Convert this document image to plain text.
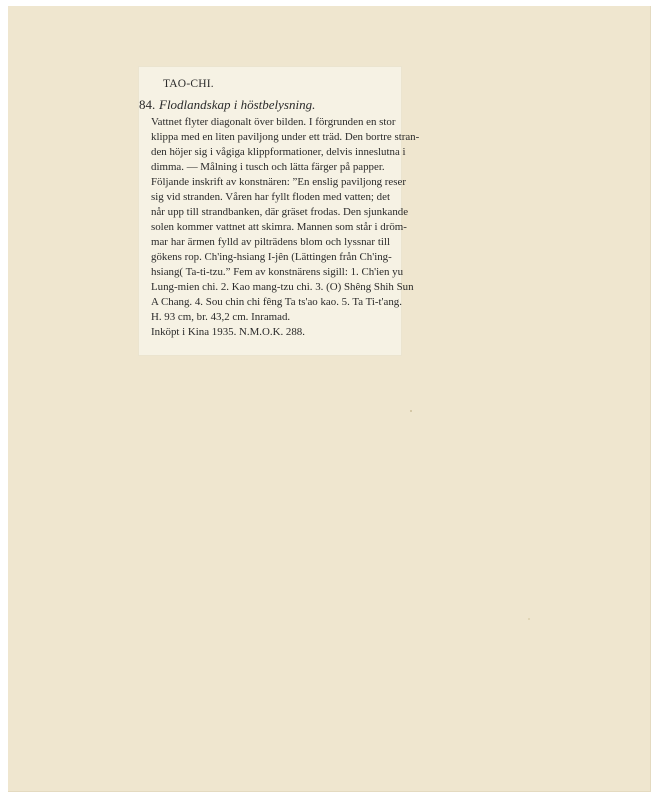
TAO-CHI.
84. Flodlandskap i höstbelysning.
Vattnet flyter diagonalt över bilden. I förgrunden en stor
klippa med en liten paviljong under ett träd. Den bortre stran-
den höjer sig i vågiga klippformationer, delvis inneslutna i
dimma. — Målning i tusch och lätta färger på papper.
Följande inskrift av konstnären: ”En enslig paviljong reser
sig vid stranden. Våren har fyllt floden med vatten; det
når upp till strandbanken, där gräset frodas. Den sjunkande
solen kommer vattnet att skimra. Mannen som står i dröm-
mar har ärmen fylld av pilträdens blom och lyssnar till
gökens rop. Ch'ing-hsiang I-jên (Lättingen från Ch'ing-
hsiang( Ta-ti-tzu.” Fem av konstnärens sigill: 1. Ch'ien yu
Lung-mien chi. 2. Kao mang-tzu chi. 3. (O) Shêng Shih Sun
A Chang. 4. Sou chin chi fêng Ta ts'ao kao. 5. Ta Ti-t'ang.
H. 93 cm, br. 43,2 cm. Inramad.
Inköpt i Kina 1935. N.M.O.K. 288.
